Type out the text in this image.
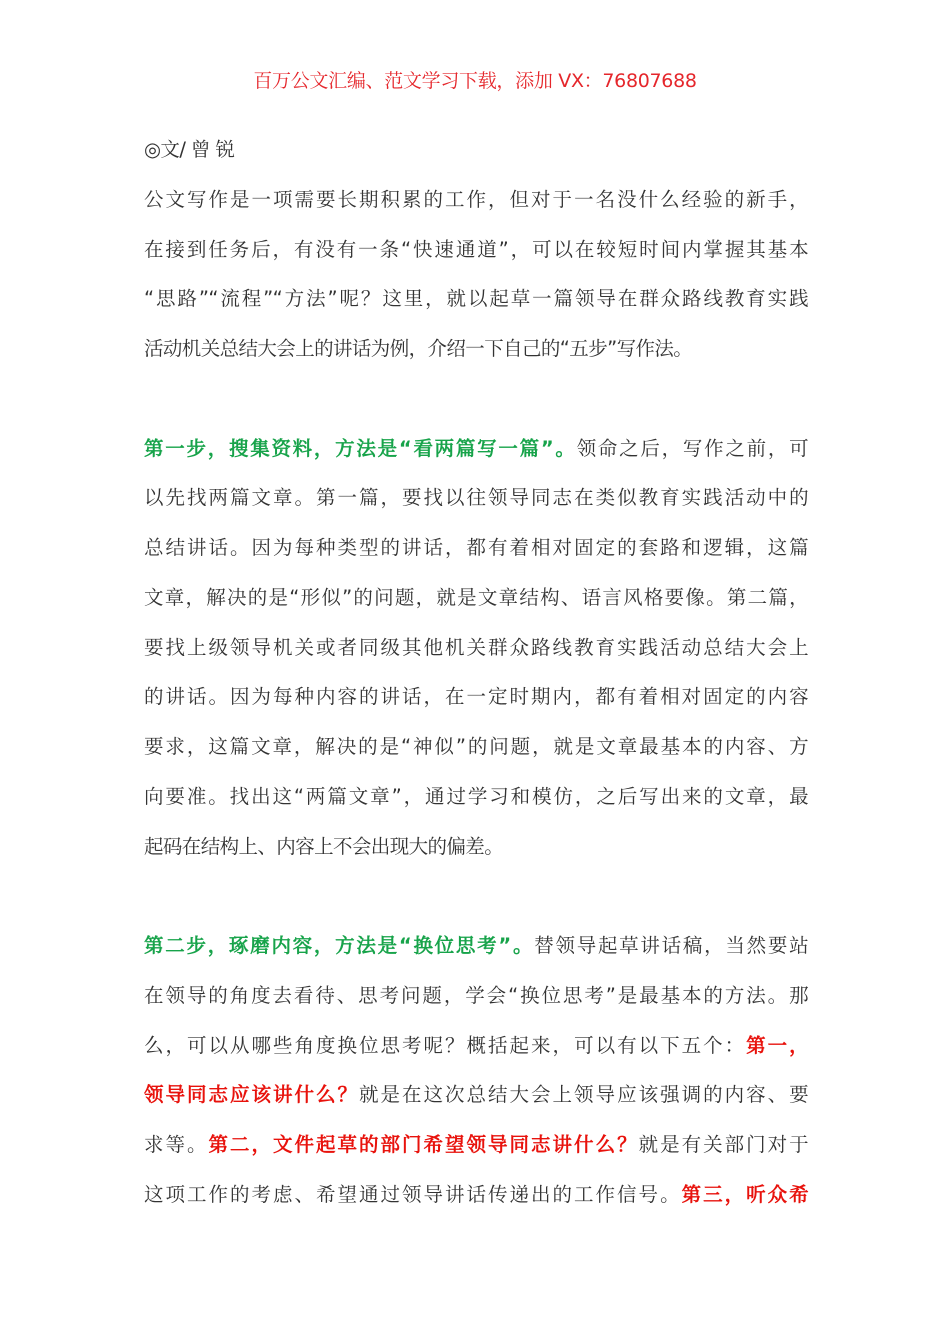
百万公文汇编、范文学习下载，添加 VX：76807688
◎文/ 曾 锐
公文写作是一项需要长期积累的工作，但对于一名没什么经验的新手，
在接到任务后，有没有一条“快速通道”，可以在较短时间内掌握其基本
“思路”“流程”“方法”呢？这里，就以起草一篇领导在群众路线教育实践
活动机关总结大会上的讲话为例，介绍一下自己的“五步”写作法。
第一步，搜集资料，方法是“看两篇写一篇”。领命之后，写作之前，可
以先找两篇文章。第一篇，要找以往领导同志在类似教育实践活动中的
总结讲话。因为每种类型的讲话，都有着相对固定的套路和逻辑，这篇
文章，解决的是“形似”的问题，就是文章结构、语言风格要像。第二篇，
要找上级领导机关或者同级其他机关群众路线教育实践活动总结大会上
的讲话。因为每种内容的讲话，在一定时期内，都有着相对固定的内容
要求，这篇文章，解决的是“神似”的问题，就是文章最基本的内容、方
向要准。找出这“两篇文章”，通过学习和模仿，之后写出来的文章，最
起码在结构上、内容上不会出现大的偏差。
第二步，琢磨内容，方法是“换位思考”。替领导起草讲话稿，当然要站
在领导的角度去看待、思考问题，学会“换位思考”是最基本的方法。那
么，可以从哪些角度换位思考呢？概括起来，可以有以下五个：第一，
领导同志应该讲什么？就是在这次总结大会上领导应该强调的内容、要
求等。第二，文件起草的部门希望领导同志讲什么？就是有关部门对于
这项工作的考虑、希望通过领导讲话传递出的工作信号。第三，听众希
